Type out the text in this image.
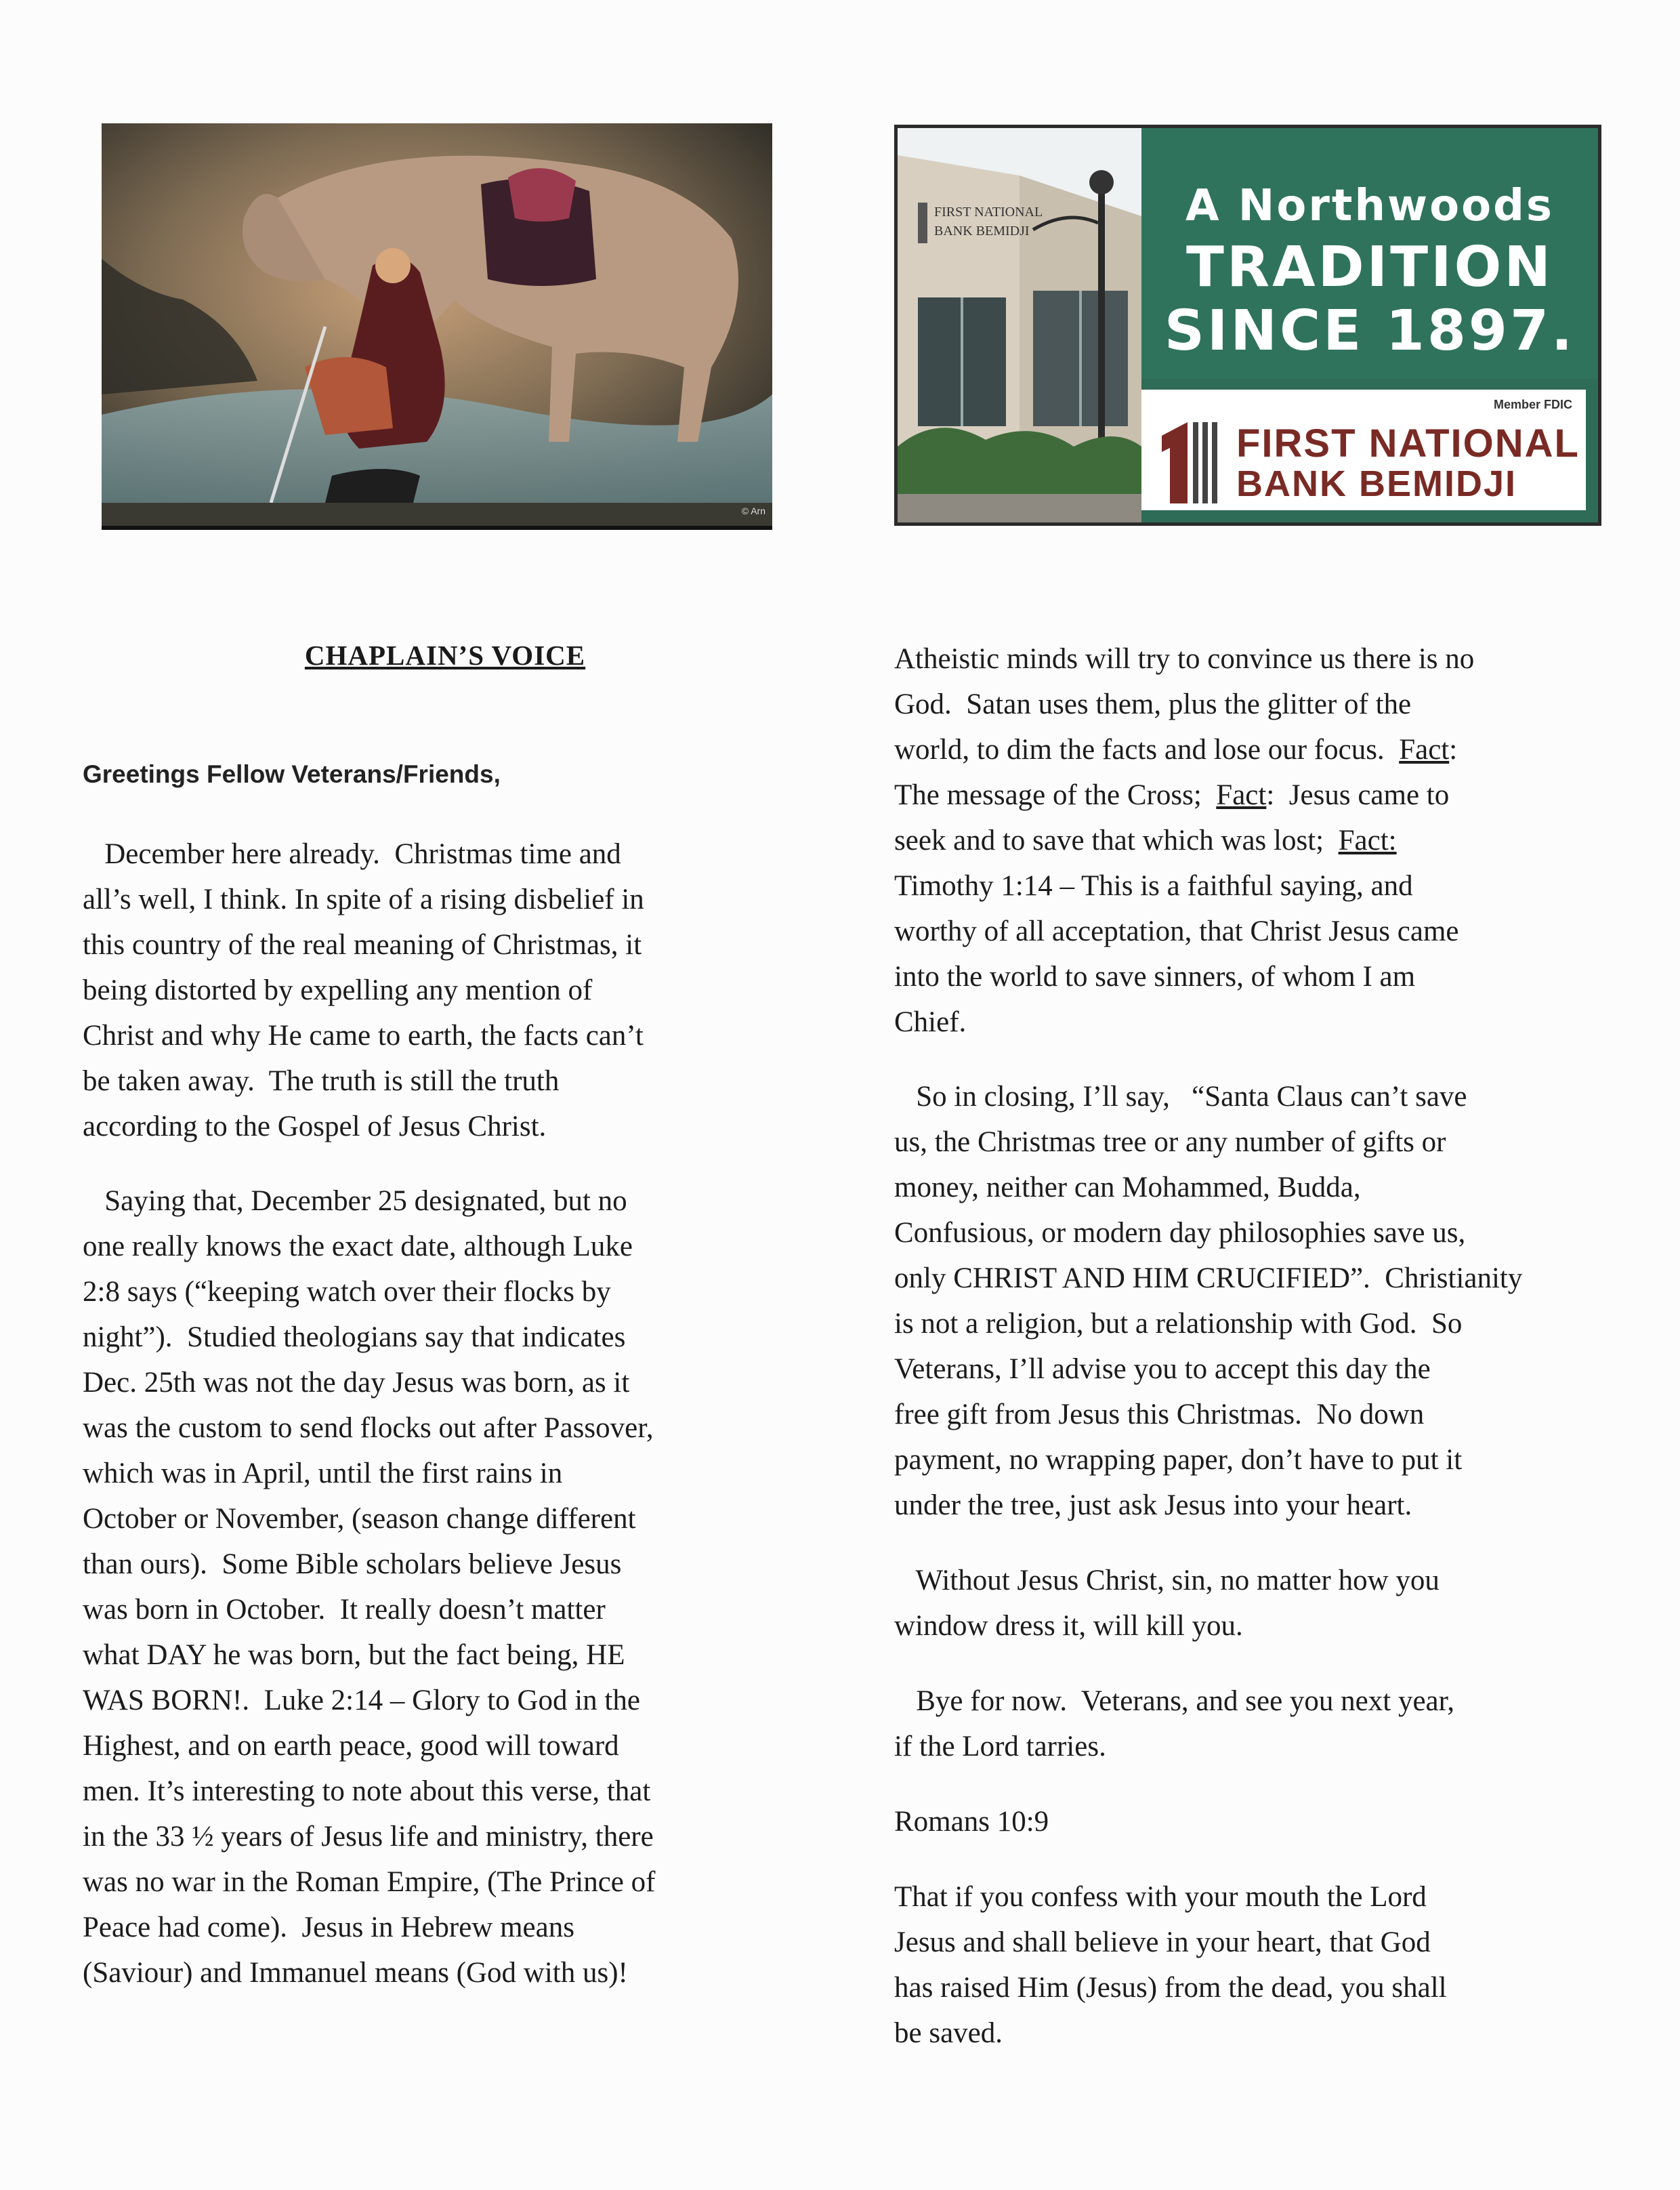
© Arn
FIRST NATIONAL
BANK BEMIDJI	A Northwoods
TRADITION
SINCE 1897.
Member FDIC
FIRST NATIONAL
BANK BEMIDJI
CHAPLAIN’S VOICE
Greetings Fellow Veterans/Friends,

December here already.  Christmas time and

all’s well, I think. In spite of a rising disbelief in

this country of the real meaning of Christmas, it

being distorted by expelling any mention of

Christ and why He came to earth, the facts can’t

be taken away.  The truth is still the truth

according to the Gospel of Jesus Christ.

Saying that, December 25 designated, but no

one really knows the exact date, although Luke

2:8 says (“keeping watch over their flocks by

night”).  Studied theologians say that indicates

Dec. 25th was not the day Jesus was born, as it

was the custom to send flocks out after Passover,

which was in April, until the first rains in

October or November, (season change different

than ours).  Some Bible scholars believe Jesus

was born in October.  It really doesn’t matter

what DAY he was born, but the fact being, HE

WAS BORN!.  Luke 2:14 – Glory to God in the

Highest, and on earth peace, good will toward

men. It’s interesting to note about this verse, that

in the 33 ½ years of Jesus life and ministry, there

was no war in the Roman Empire, (The Prince of

Peace had come).  Jesus in Hebrew means

(Saviour) and Immanuel means (God with us)!

Atheistic minds will try to convince us there is no

God.  Satan uses them, plus the glitter of the

world, to dim the facts and lose our focus.  Fact:

The message of the Cross;  Fact:  Jesus came to

seek and to save that which was lost;  Fact:

Timothy 1:14 – This is a faithful saying, and

worthy of all acceptation, that Christ Jesus came

into the world to save sinners, of whom I am

Chief.

So in closing, I’ll say,   “Santa Claus can’t save

us, the Christmas tree or any number of gifts or

money, neither can Mohammed, Budda,

Confusious, or modern day philosophies save us,

only CHRIST AND HIM CRUCIFIED”.  Christianity

is not a religion, but a relationship with God.  So

Veterans, I’ll advise you to accept this day the

free gift from Jesus this Christmas.  No down

payment, no wrapping paper, don’t have to put it

under the tree, just ask Jesus into your heart.

Without Jesus Christ, sin, no matter how you

window dress it, will kill you.

Bye for now.  Veterans, and see you next year,

if the Lord tarries.

Romans 10:9

That if you confess with your mouth the Lord

Jesus and shall believe in your heart, that God

has raised Him (Jesus) from the dead, you shall

be saved.
